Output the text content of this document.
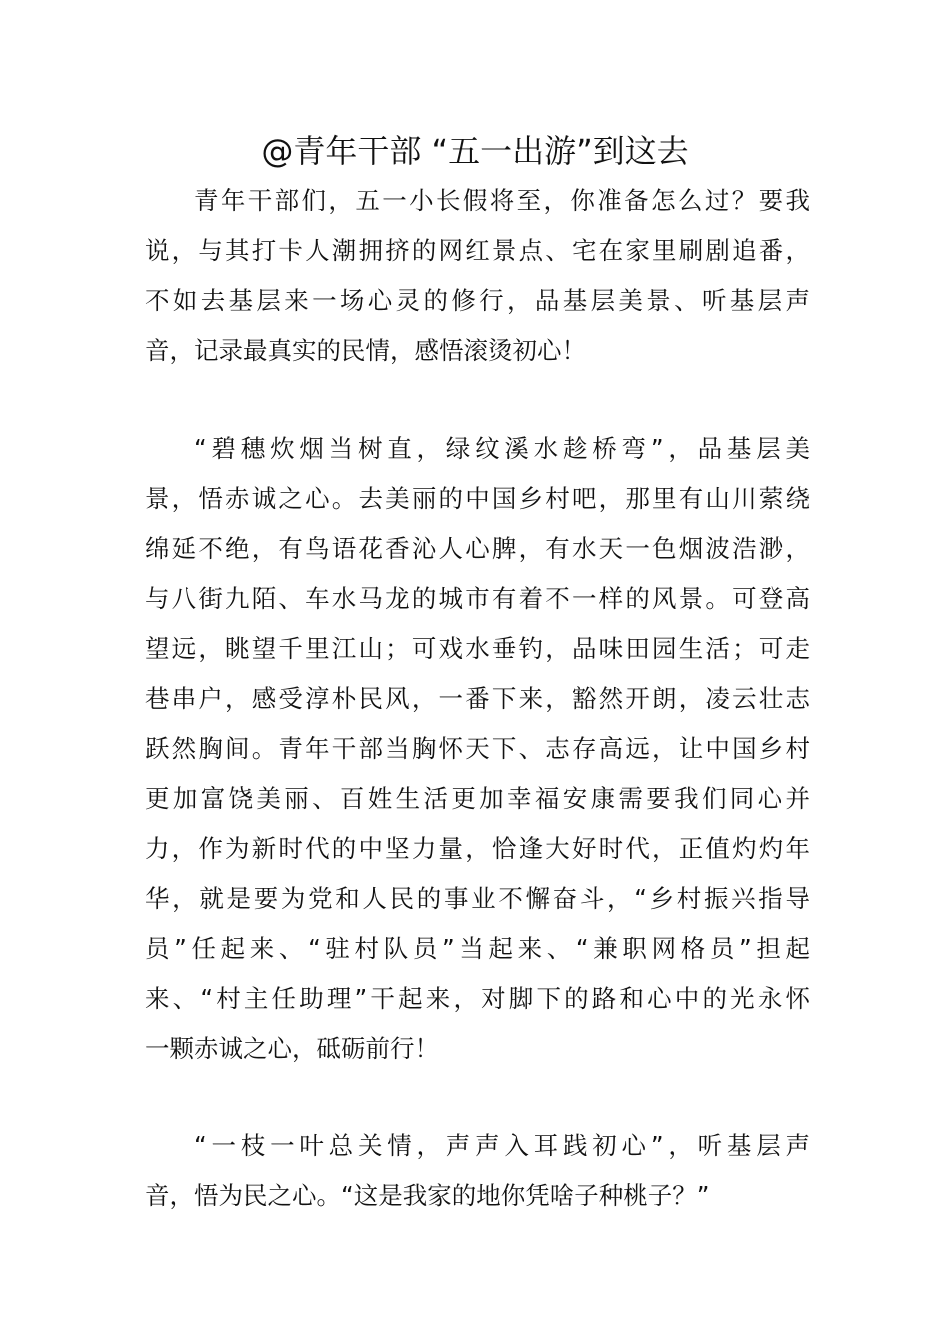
@青年干部 “五一出游”到这去
青年干部们，五一小长假将至，你准备怎么过？要我
说，与其打卡人潮拥挤的网红景点、宅在家里刷剧追番，
不如去基层来一场心灵的修行，品基层美景、听基层声
音，记录最真实的民情，感悟滚烫初心！
“碧穗炊烟当树直，绿纹溪水趁桥弯”，品基层美
景，悟赤诚之心。去美丽的中国乡村吧，那里有山川萦绕
绵延不绝，有鸟语花香沁人心脾，有水天一色烟波浩渺，
与八街九陌、车水马龙的城市有着不一样的风景。可登高
望远，眺望千里江山；可戏水垂钓，品味田园生活；可走
巷串户，感受淳朴民风，一番下来，豁然开朗，凌云壮志
跃然胸间。青年干部当胸怀天下、志存高远，让中国乡村
更加富饶美丽、百姓生活更加幸福安康需要我们同心并
力，作为新时代的中坚力量，恰逢大好时代，正值灼灼年
华，就是要为党和人民的事业不懈奋斗，“乡村振兴指导
员”任起来、“驻村队员”当起来、“兼职网格员”担起
来、“村主任助理”干起来，对脚下的路和心中的光永怀
一颗赤诚之心，砥砺前行！
“一枝一叶总关情，声声入耳践初心”，听基层声
音，悟为民之心。“这是我家的地你凭啥子种桃子？”
